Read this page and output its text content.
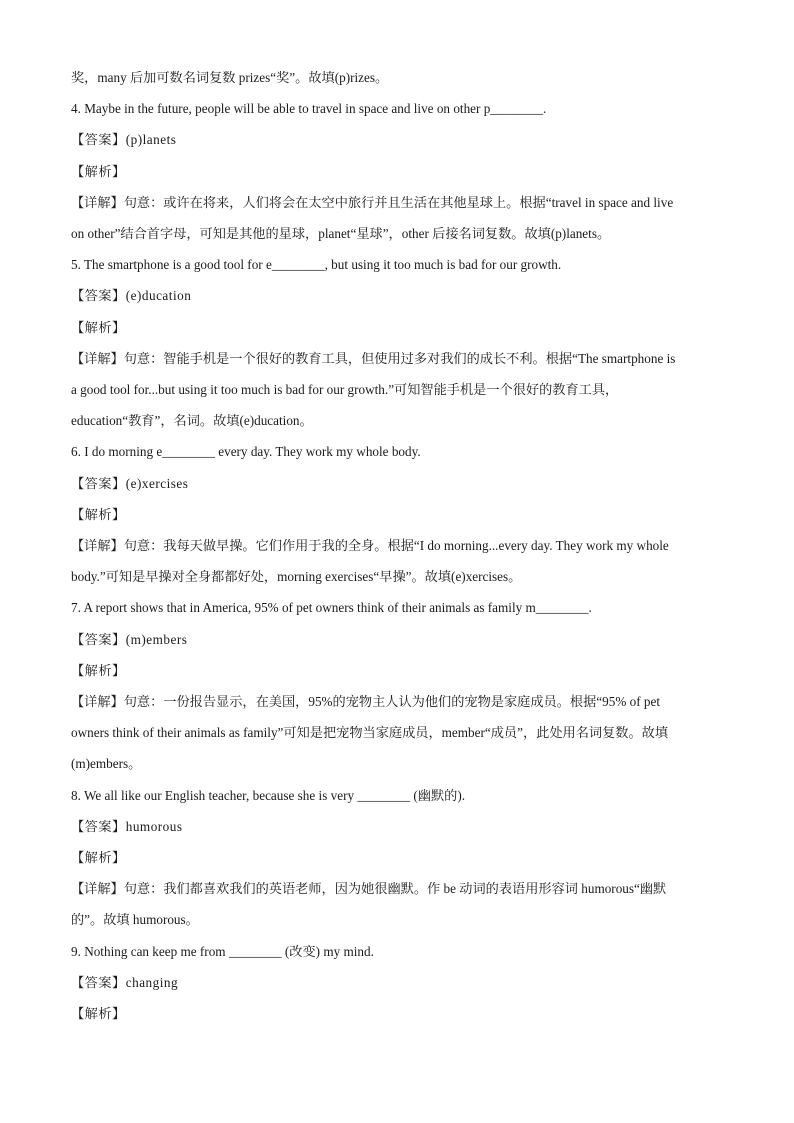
奖，many 后加可数名词复数 prizes“奖”。故填(p)rizes。

4. Maybe in the future, people will be able to travel in space and live on other p________.

【答案】(p)lanets

【解析】

【详解】句意：或许在将来，人们将会在太空中旅行并且生活在其他星球上。根据“travel in space and live

on other”结合首字母，可知是其他的星球，planet“星球”，other 后接名词复数。故填(p)lanets。

5. The smartphone is a good tool for e________, but using it too much is bad for our growth.

【答案】(e)ducation

【解析】

【详解】句意：智能手机是一个很好的教育工具，但使用过多对我们的成长不利。根据“The smartphone is

a good tool for...but using it too much is bad for our growth.”可知智能手机是一个很好的教育工具，

education“教育”，名词。故填(e)ducation。

6. I do morning e________ every day. They work my whole body.

【答案】(e)xercises

【解析】

【详解】句意：我每天做早操。它们作用于我的全身。根据“I do morning...every day. They work my whole

body.”可知是早操对全身都都好处，morning exercises“早操”。故填(e)xercises。

7. A report shows that in America, 95% of pet owners think of their animals as family m________.

【答案】(m)embers

【解析】

【详解】句意：一份报告显示，在美国，95%的宠物主人认为他们的宠物是家庭成员。根据“95% of pet

owners think of their animals as family”可知是把宠物当家庭成员，member“成员”，此处用名词复数。故填

(m)embers。

8. We all like our English teacher, because she is very ________ (幽默的).

【答案】humorous

【解析】

【详解】句意：我们都喜欢我们的英语老师，因为她很幽默。作 be 动词的表语用形容词 humorous“幽默

的”。故填 humorous。

9. Nothing can keep me from ________ (改变) my mind.

【答案】changing

【解析】
